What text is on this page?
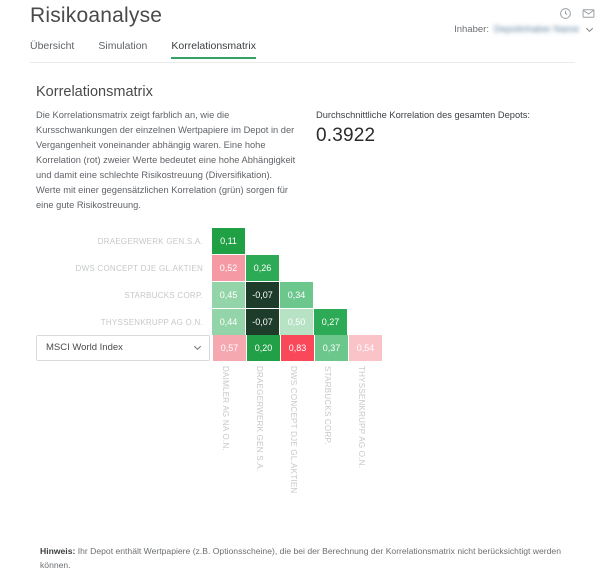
Risikoanalyse
Inhaber: Depotinhaber Name
Übersicht Simulation Korrelationsmatrix
Korrelationsmatrix
Die Korrelationsmatrix zeigt farblich an, wie die Kursschwankungen der einzelnen Wertpapiere im Depot in der Vergangenheit voneinander abhängig waren. Eine hohe Korrelation (rot) zweier Werte bedeutet eine hohe Abhängigkeit und damit eine schlechte Risikostreuung (Diversifikation). Werte mit einer gegensätzlichen Korrelation (grün) sorgen für eine gute Risikostreuung.
Durchschnittliche Korrelation des gesamten Depots:
0.3922
DRAEGERWERK GEN.S.A.	0,11
DWS CONCEPT DJE GL.AKTIEN	0,52	0,26
STARBUCKS CORP.	0,45	-0,07	0,34
THYSSENKRUPP AG O.N.	0,44	-0,07	0,50	0,27
MSCI World Index	0,57	0,20	0,83	0,37	0,54
DAIMLER AG NA O.N.	DRAEGERWERK GEN.S.A.	DWS CONCEPT DJE GL.AKTIEN	STARBUCKS CORP.	THYSSENKRUPP AG O.N.
Hinweis: Ihr Depot enthält Wertpapiere (z.B. Optionsscheine), die bei der Berechnung der Korrelationsmatrix nicht berücksichtigt werden können.
